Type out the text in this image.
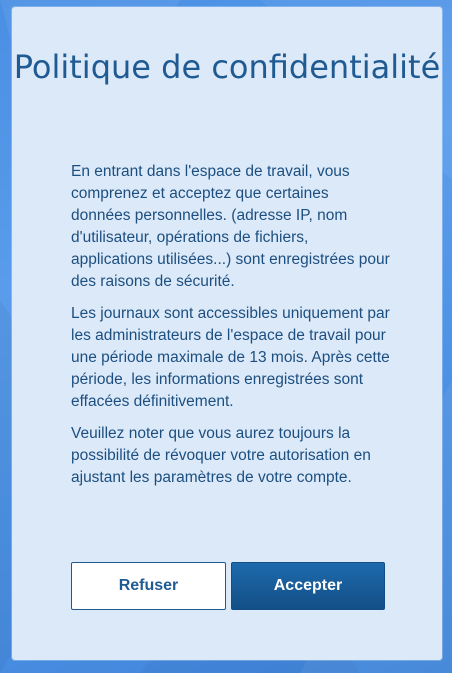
Politique de confidentialité

En entrant dans l'espace de travail, vous comprenez et acceptez que certaines données personnelles. (adresse IP, nom d'utilisateur, opérations de fichiers, applications utilisées...) sont enregistrées pour des raisons de sécurité.

Les journaux sont accessibles uniquement par les administrateurs de l'espace de travail pour une période maximale de 13 mois. Après cette période, les informations enregistrées sont effacées définitivement.

Veuillez noter que vous aurez toujours la possibilité de révoquer votre autorisation en ajustant les paramètres de votre compte.

Refuser	Accepter
